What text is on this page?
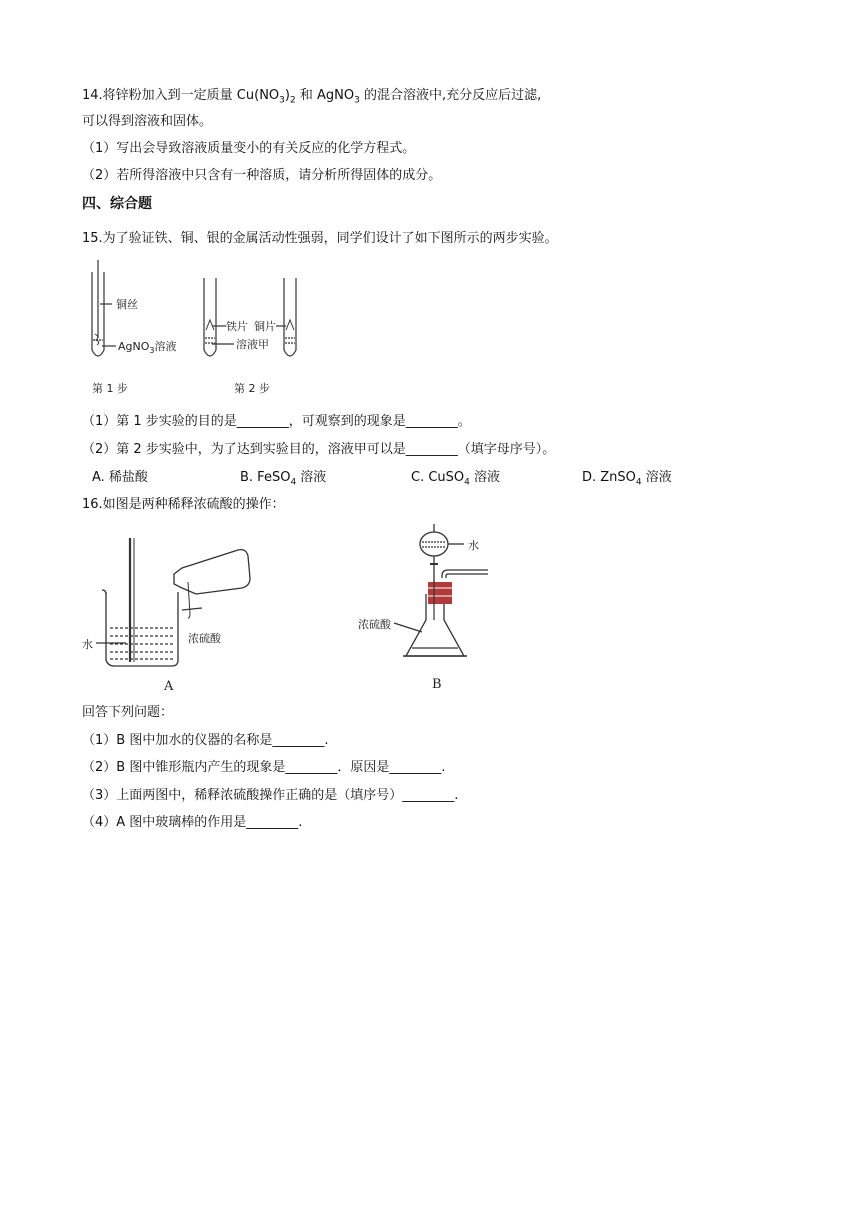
14.将锌粉加入到一定质量 $Cu(NO_3)_2$ 和 AgNO$_3$ 的混合溶液中,充分反应后过滤,
可以得到溶液和固体。
（1）写出会导致溶液质量变小的有关反应的化学方程式。
（2）若所得溶液中只含有一种溶质，请分析所得固体的成分。
四、综合题
15.为了验证铁、铜、银的金属活动性强弱，同学们设计了如下图所示的两步实验。
铜丝
AgNO$_3$溶液
第 1 步
铁片 铜片
溶液甲
第 2 步
（1）第 1 步实验的目的是________，可观察到的现象是________。
（2）第 2 步实验中，为了达到实验目的，溶液甲可以是________（填字母序号）。
A. 稀盐酸	B. FeSO$_4$ 溶液	C. CuSO$_4$ 溶液	D. ZnSO$_4$ 溶液
16.如图是两种稀释浓硫酸的操作：
水	浓硫酸
A
水
浓硫酸
B
回答下列问题：
（1）B 图中加水的仪器的名称是________.
（2）B 图中锥形瓶内产生的现象是________．原因是________.
（3）上面两图中，稀释浓硫酸操作正确的是（填序号）________.
（4）A 图中玻璃棒的作用是________.
